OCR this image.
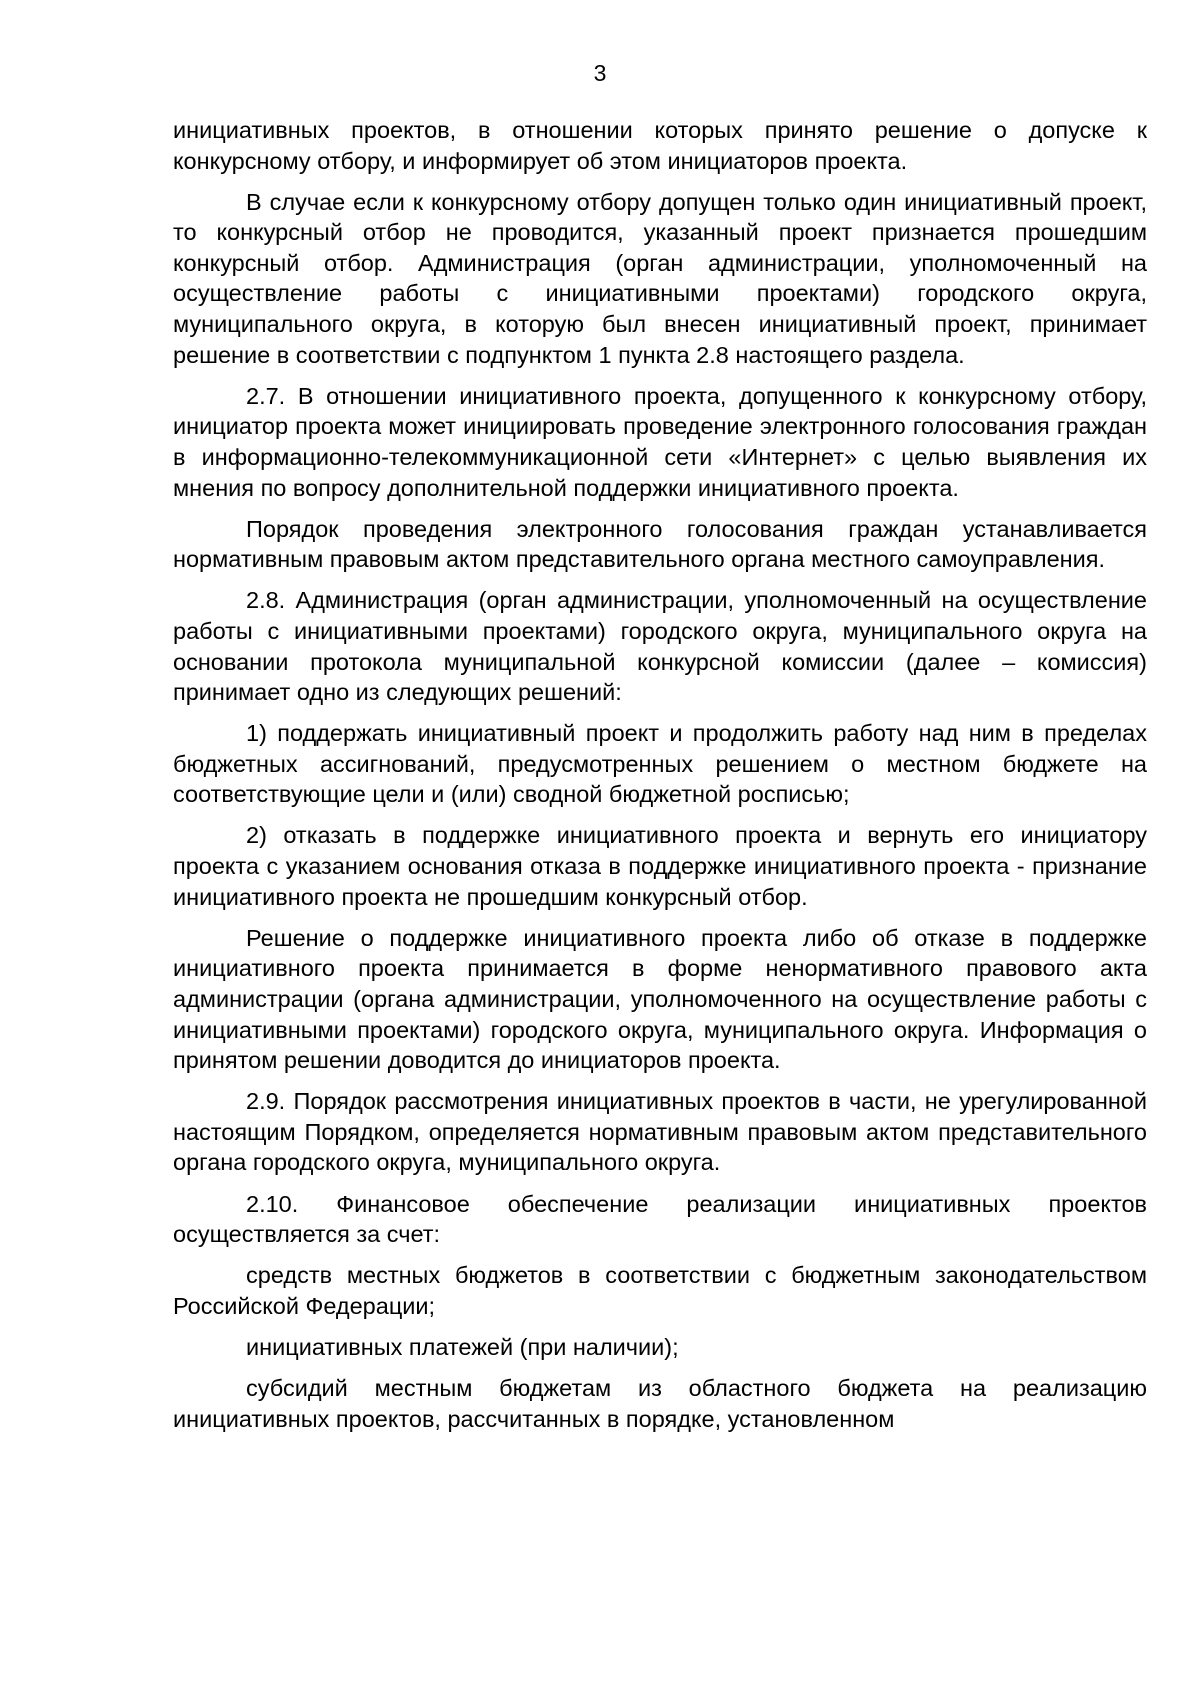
3

инициативных проектов, в отношении которых принято решение о допуске к конкурсному отбору, и информирует об этом инициаторов проекта.

В случае если к конкурсному отбору допущен только один инициативный проект, то конкурсный отбор не проводится, указанный проект признается прошедшим конкурсный отбор. Администрация (орган администрации, уполномоченный на осуществление работы с инициативными проектами) городского округа, муниципального округа, в которую был внесен инициативный проект, принимает решение в соответствии с подпунктом 1 пункта 2.8 настоящего раздела.

2.7. В отношении инициативного проекта, допущенного к конкурсному отбору, инициатор проекта может инициировать проведение электронного голосования граждан в информационно-телекоммуникационной сети «Интернет» с целью выявления их мнения по вопросу дополнительной поддержки инициативного проекта.

Порядок проведения электронного голосования граждан устанавливается нормативным правовым актом представительного органа местного самоуправления.

2.8. Администрация (орган администрации, уполномоченный на осуществление работы с инициативными проектами) городского округа, муниципального округа на основании протокола муниципальной конкурсной комиссии (далее – комиссия) принимает одно из следующих решений:

1) поддержать инициативный проект и продолжить работу над ним в пределах бюджетных ассигнований, предусмотренных решением о местном бюджете на соответствующие цели и (или) сводной бюджетной росписью;

2) отказать в поддержке инициативного проекта и вернуть его инициатору проекта с указанием основания отказа в поддержке инициативного проекта - признание инициативного проекта не прошедшим конкурсный отбор.

Решение о поддержке инициативного проекта либо об отказе в поддержке инициативного проекта принимается в форме ненормативного правового акта администрации (органа администрации, уполномоченного на осуществление работы с инициативными проектами) городского округа, муниципального округа. Информация о принятом решении доводится до инициаторов проекта.

2.9. Порядок рассмотрения инициативных проектов в части, не урегулированной настоящим Порядком, определяется нормативным правовым актом представительного органа городского округа, муниципального округа.

2.10. Финансовое обеспечение реализации инициативных проектов осуществляется за счет:

средств местных бюджетов в соответствии с бюджетным законодательством Российской Федерации;

инициативных платежей (при наличии);

субсидий местным бюджетам из областного бюджета на реализацию инициативных проектов, рассчитанных в порядке, установленном
